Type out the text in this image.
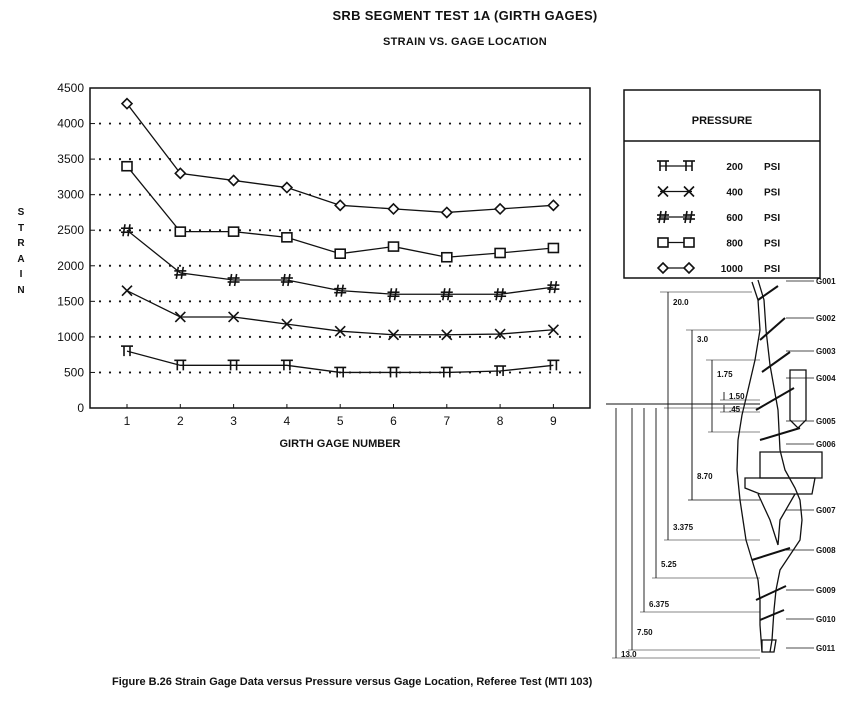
SRB SEGMENT TEST 1A (GIRTH GAGES)
STRAIN VS. GAGE LOCATION
S
T
R
A
I
N
Figure B.26 Strain Gage Data versus Pressure versus Gage Location, Referee Test (MTI 103)
0
500
1000
1500
2000
2500
3000
3500
4000
4500
1	2	3	4	5	6	7	8	9
GIRTH GAGE NUMBER
PRESSURE
200 PSI
400 PSI
600 PSI
800 PSI
1000 PSI
G001
G002
G003
G004
G005
G006
G007
G008
G009
G010
G011
20.0
3.0
1.75
1.50
.45
8.70
3.375
5.25
6.375
7.50
13.0
